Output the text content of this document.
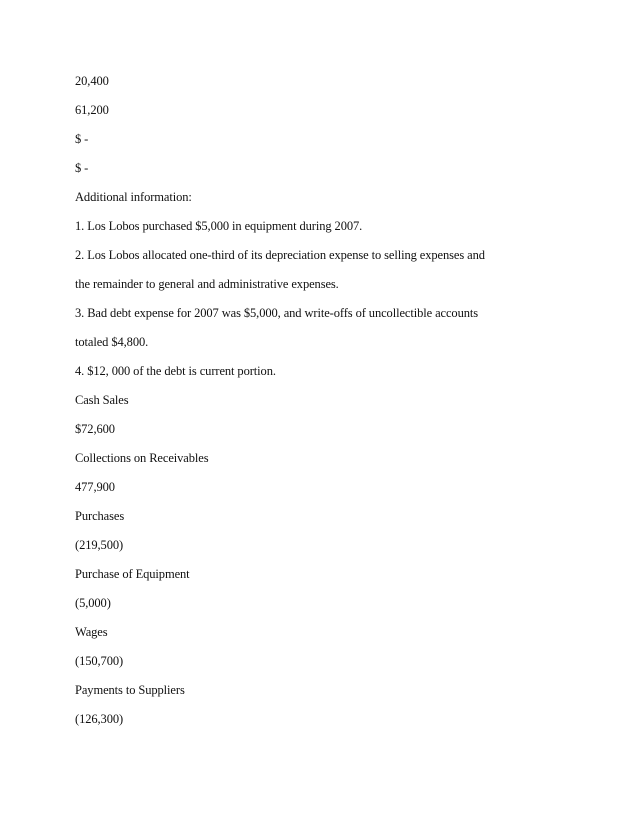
20,400
61,200
$ -
$ -
Additional information:
1. Los Lobos purchased $5,000 in equipment during 2007.
2. Los Lobos allocated one-third of its depreciation expense to selling expenses and
the remainder to general and administrative expenses.
3. Bad debt expense for 2007 was $5,000, and write-offs of uncollectible accounts
totaled $4,800.
4. $12, 000 of the debt is current portion.
Cash Sales
$72,600
Collections on Receivables
477,900
Purchases
(219,500)
Purchase of Equipment
(5,000)
Wages
(150,700)
Payments to Suppliers
(126,300)
